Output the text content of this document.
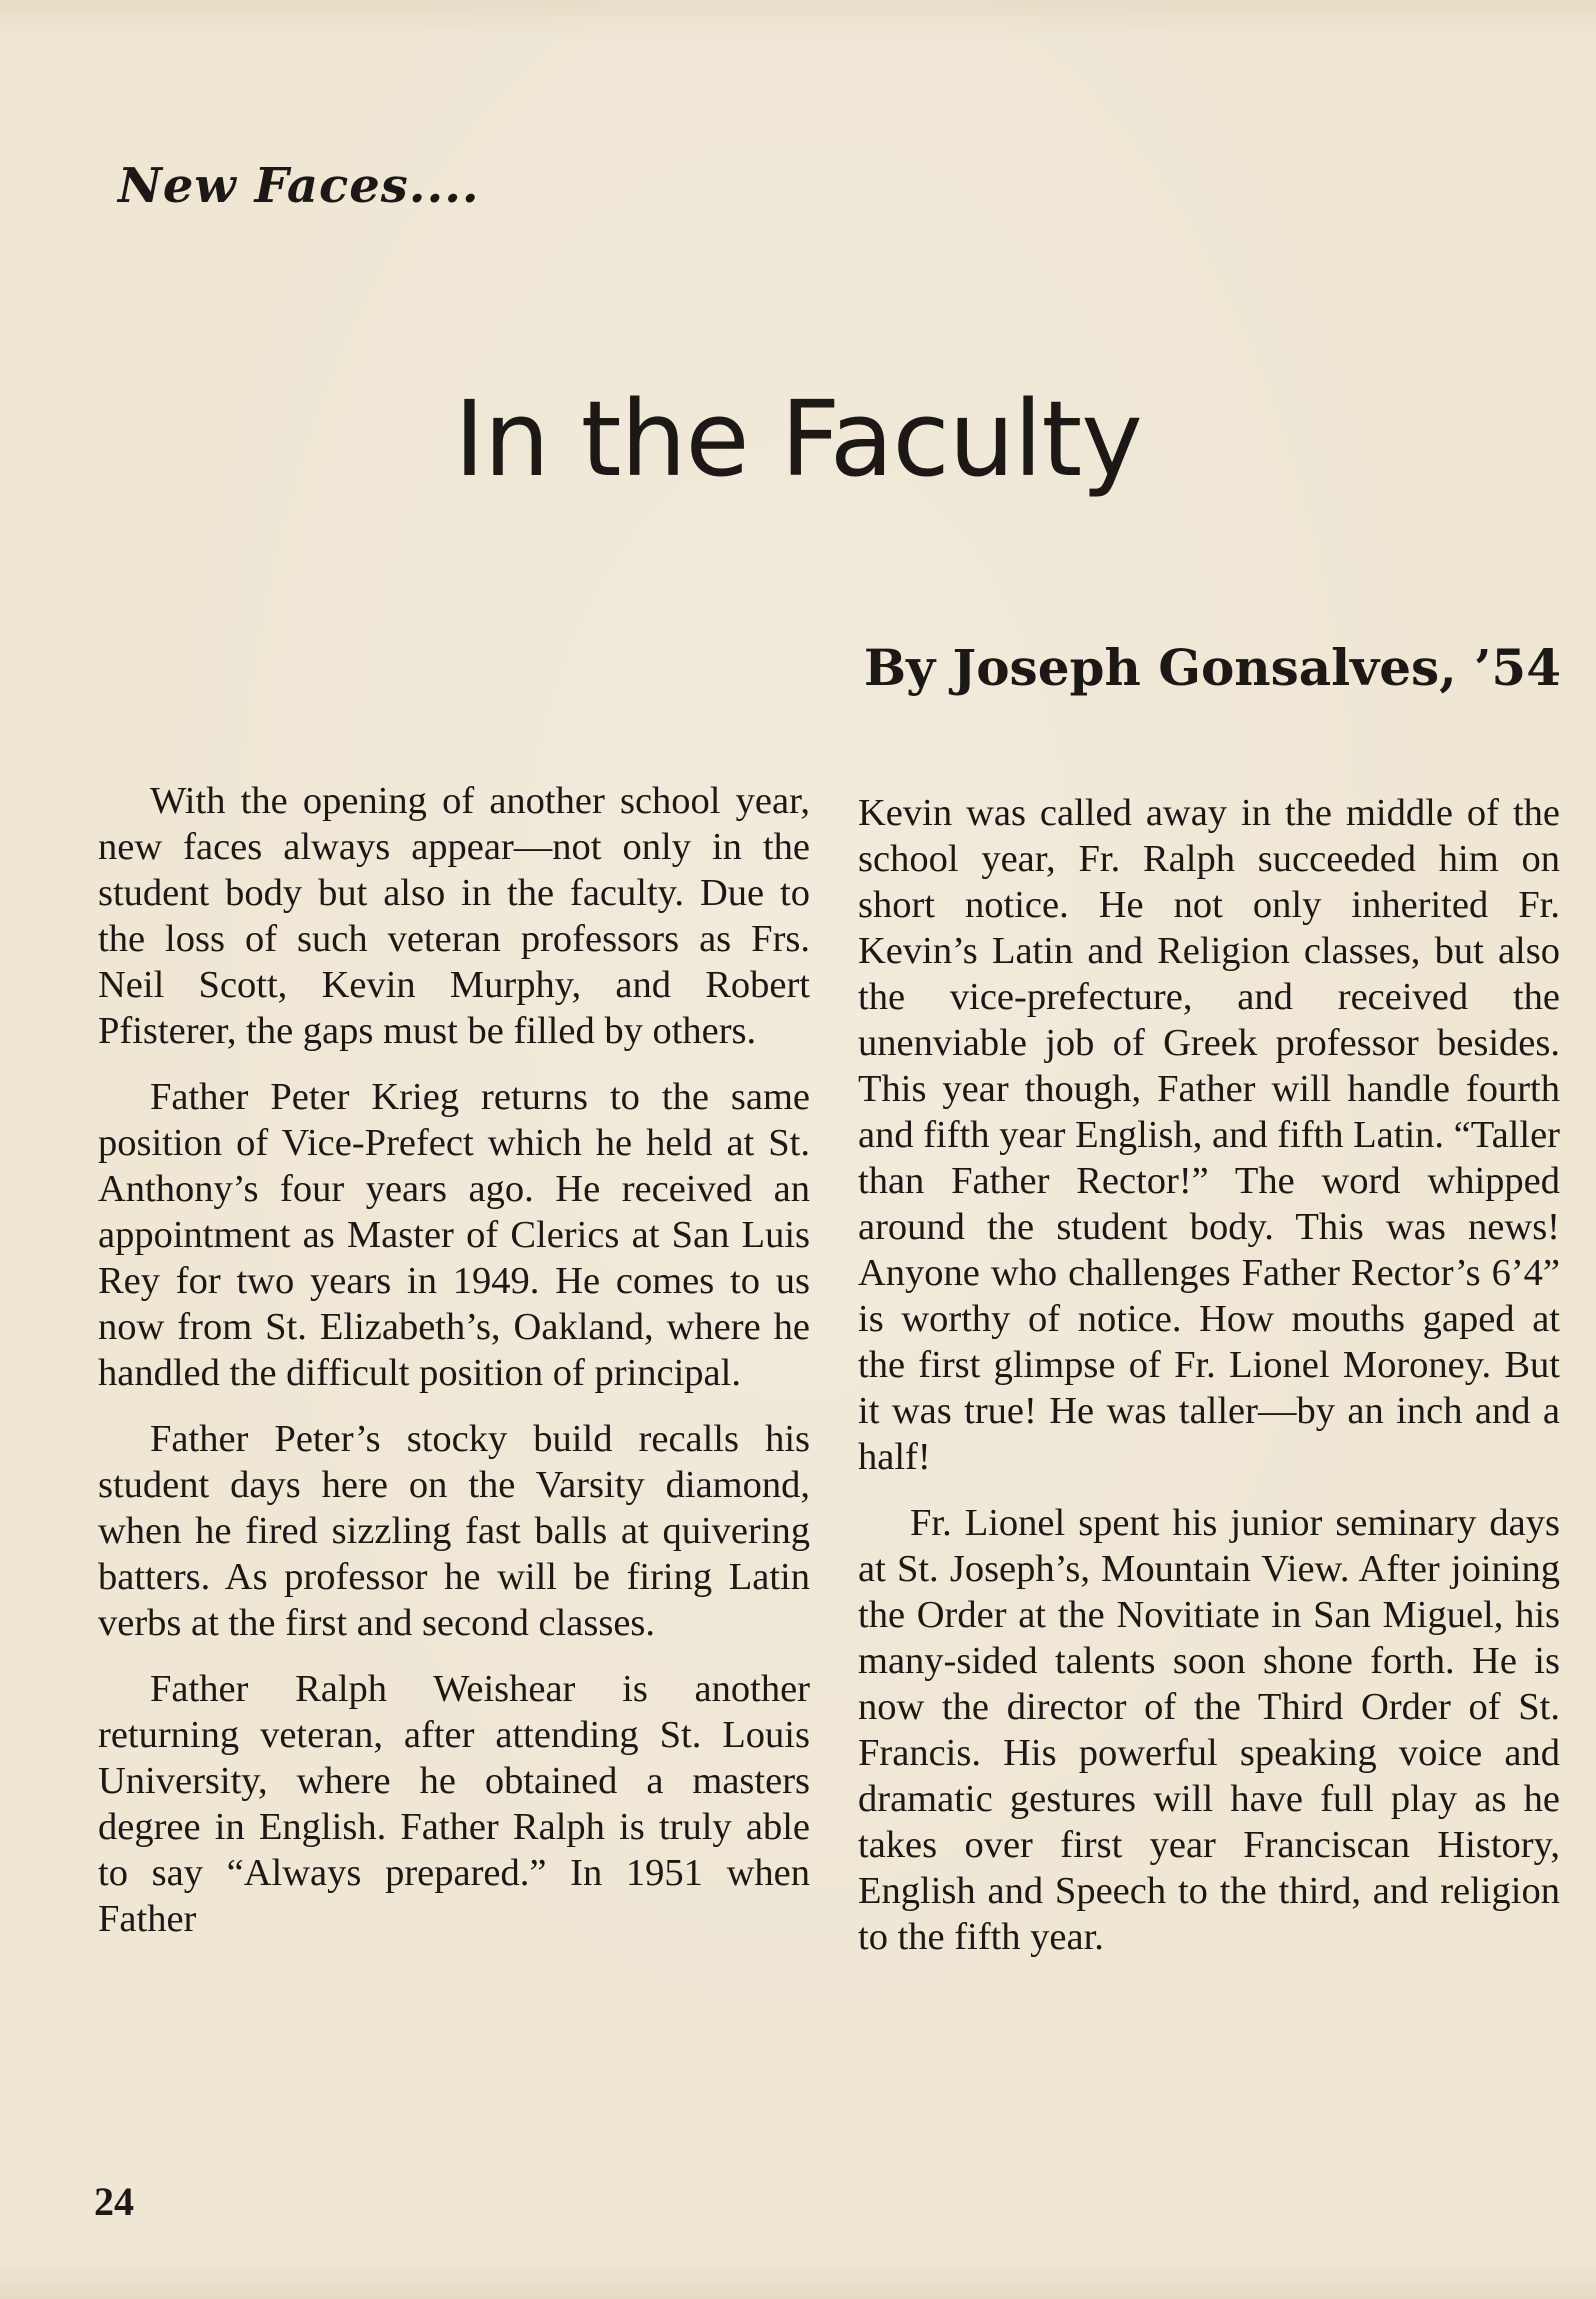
New Faces....
In the Faculty
By Joseph Gonsalves, ’54

With the opening of another school year, new faces always appear—not only in the student body but also in the faculty. Due to the loss of such veteran professors as Frs. Neil Scott, Kevin Murphy, and Robert Pfisterer, the gaps must be filled by others.

Father Peter Krieg returns to the same position of Vice-Prefect which he held at St. Anthony’s four years ago. He received an appointment as Master of Clerics at San Luis Rey for two years in 1949. He comes to us now from St. Elizabeth’s, Oakland, where he handled the difficult position of principal.

Father Peter’s stocky build recalls his student days here on the Varsity diamond, when he fired sizzling fast balls at quivering batters. As professor he will be firing Latin verbs at the first and second classes.

Father Ralph Weishear is another returning veteran, after attending St. Louis University, where he obtained a masters degree in English. Father Ralph is truly able to say “Always prepared.” In 1951 when Father

Kevin was called away in the middle of the school year, Fr. Ralph succeeded him on short notice. He not only inherited Fr. Kevin’s Latin and Religion classes, but also the vice-prefecture, and received the unenviable job of Greek professor besides. This year though, Father will handle fourth and fifth year English, and fifth Latin. “Taller than Father Rector!” The word whipped around the student body. This was news! Anyone who challenges Father Rector’s 6’4” is worthy of notice. How mouths gaped at the first glimpse of Fr. Lionel Moroney. But it was true! He was taller—by an inch and a half!

Fr. Lionel spent his junior seminary days at St. Joseph’s, Mountain View. After joining the Order at the Novitiate in San Miguel, his many-sided talents soon shone forth. He is now the director of the Third Order of St. Francis. His powerful speaking voice and dramatic gestures will have full play as he takes over first year Franciscan History, English and Speech to the third, and religion to the fifth year.

24
